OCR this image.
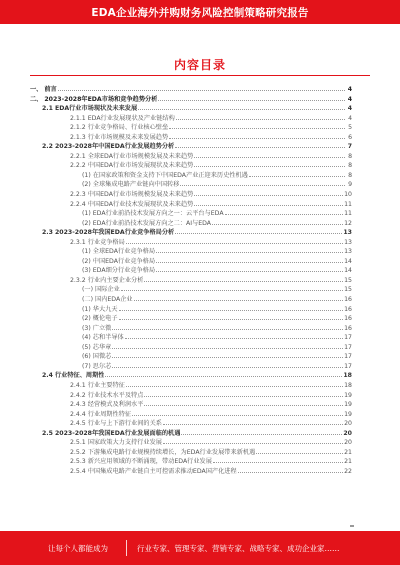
EDA企业海外并购财务风险控制策略研究报告
内容目录
一、 前言	4
二、 2023-2028年EDA市场和竞争趋势分析	4
2.1 EDA行业市场现状及未来发展	4
2.1.1 EDA行业发展现状及产业链结构	4
2.1.2 行业竞争格局、行业核心壁垒	5
2.1.3 行业市场规模及未来发展趋势	6
2.2 2023-2028年中国EDA行业发展趋势分析	7
2.2.1 全球EDA行业市场规模发展及未来趋势	8
2.2.2 中国EDA行业市场发展现状及未来趋势	8
(1) 在国家政策和资金支持下中国EDA产业正迎来历史性机遇	8
(2) 全球集成电路产业链向中国转移	9
2.2.3 中国EDA行业市场规模发展及未来趋势	10
2.2.4 中国EDA行业技术发展现状及未来趋势	11
(1) EDA行业前沿技术发展方向之一：云平台与EDA	11
(2) EDA行业前沿技术发展方向之二：AI与EDA	12
2.3 2023-2028年我国EDA行业竞争格局分析	13
2.3.1 行业竞争格局	13
(1) 全球EDA行业竞争格局	13
(2) 中国EDA行业竞争格局	14
(3) EDA细分行业竞争格局	14
2.3.2 行业内主要企业分析	15
(一) 国际企业	15
(二) 国内EDA企业	16
(1) 华大九天	16
(2) 概伦电子	16
(3) 广立微	16
(4) 芯和半导体	17
(5) 芯华章	17
(6) 国微芯	17
(7) 思尔芯	17
2.4 行业特征、周期性	18
2.4.1 行业主要特征	18
2.4.2 行业技术水平及特点	19
2.4.3 经营模式及利润水平	19
2.4.4 行业周期性特征	19
2.4.5 行业与上下游行业间的关系	20
2.5 2023-2028年我国EDA行业发展面临的机遇	20
2.5.1 国家政策大力支持行业发展	20
2.5.2 下游集成电路行业规模持续增长，为EDA行业发展带来新机遇	21
2.5.3 新兴应用领域的不断涌现，带动EDA行业发展	21
2.5.4 中国集成电路产业链自主可控需求推动EDA国产化进程	22
让每个人都能成为	行业专家、管理专家、营销专家、战略专家、成功企业家……
